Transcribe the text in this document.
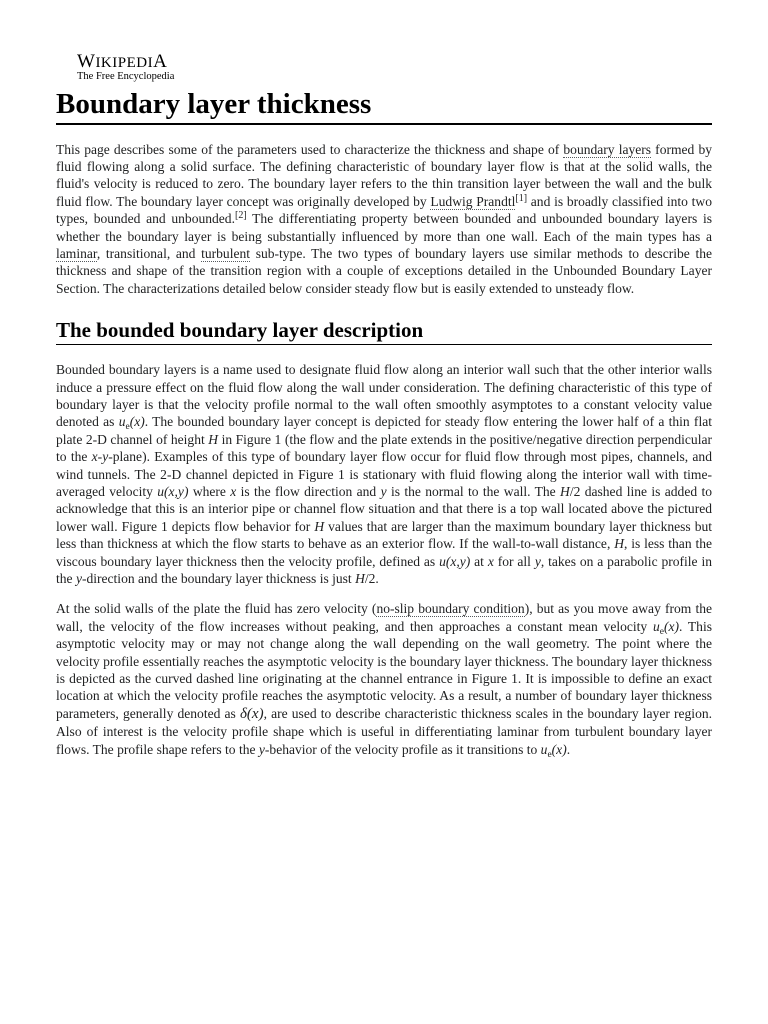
WIKIPEDIA
The Free Encyclopedia
Boundary layer thickness

This page describes some of the parameters used to characterize the thickness and shape of boundary layers formed by fluid flowing along a solid surface. The defining characteristic of boundary layer flow is that at the solid walls, the fluid's velocity is reduced to zero. The boundary layer refers to the thin transition layer between the wall and the bulk fluid flow. The boundary layer concept was originally developed by Ludwig Prandtl[1] and is broadly classified into two types, bounded and unbounded.[2] The differentiating property between bounded and unbounded boundary layers is whether the boundary layer is being substantially influenced by more than one wall. Each of the main types has a laminar, transitional, and turbulent sub-type. The two types of boundary layers use similar methods to describe the thickness and shape of the transition region with a couple of exceptions detailed in the Unbounded Boundary Layer Section. The characterizations detailed below consider steady flow but is easily extended to unsteady flow.

The bounded boundary layer description

Bounded boundary layers is a name used to designate fluid flow along an interior wall such that the other interior walls induce a pressure effect on the fluid flow along the wall under consideration. The defining characteristic of this type of boundary layer is that the velocity profile normal to the wall often smoothly asymptotes to a constant velocity value denoted as $u_e(x)$. The bounded boundary layer concept is depicted for steady flow entering the lower half of a thin flat plate 2-D channel of height H in Figure 1 (the flow and the plate extends in the positive/negative direction perpendicular to the x-y-plane). Examples of this type of boundary layer flow occur for fluid flow through most pipes, channels, and wind tunnels. The 2-D channel depicted in Figure 1 is stationary with fluid flowing along the interior wall with time-averaged velocity u(x,y) where x is the flow direction and y is the normal to the wall. The H/2 dashed line is added to acknowledge that this is an interior pipe or channel flow situation and that there is a top wall located above the pictured lower wall. Figure 1 depicts flow behavior for H values that are larger than the maximum boundary layer thickness but less than thickness at which the flow starts to behave as an exterior flow. If the wall-to-wall distance, H, is less than the viscous boundary layer thickness then the velocity profile, defined as u(x,y) at x for all y, takes on a parabolic profile in the y-direction and the boundary layer thickness is just H/2.

At the solid walls of the plate the fluid has zero velocity (no-slip boundary condition), but as you move away from the wall, the velocity of the flow increases without peaking, and then approaches a constant mean velocity $u_e(x)$. This asymptotic velocity may or may not change along the wall depending on the wall geometry. The point where the velocity profile essentially reaches the asymptotic velocity is the boundary layer thickness. The boundary layer thickness is depicted as the curved dashed line originating at the channel entrance in Figure 1. It is impossible to define an exact location at which the velocity profile reaches the asymptotic velocity. As a result, a number of boundary layer thickness parameters, generally denoted as δ(x), are used to describe characteristic thickness scales in the boundary layer region. Also of interest is the velocity profile shape which is useful in differentiating laminar from turbulent boundary layer flows. The profile shape refers to the y-behavior of the velocity profile as it transitions to $u_e(x)$.
